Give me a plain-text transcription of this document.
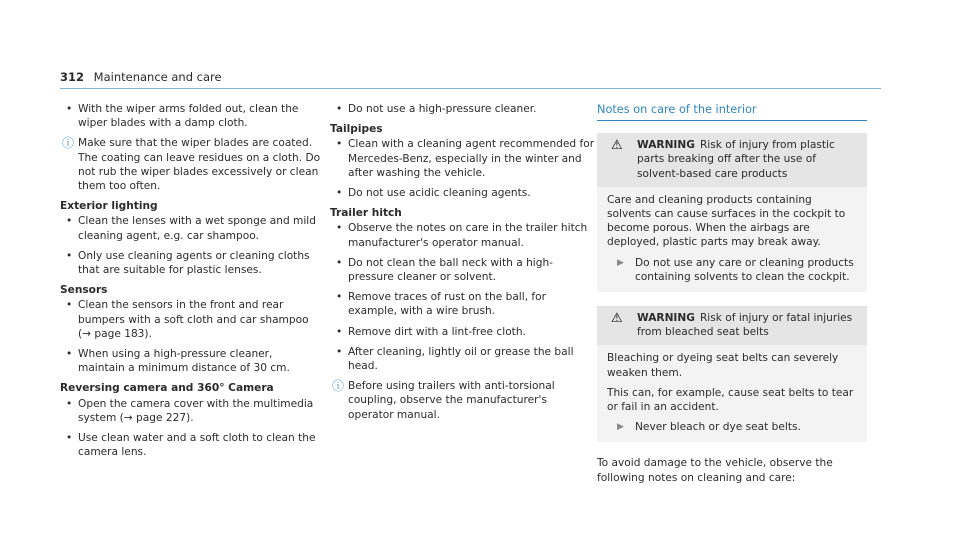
312 Maintenance and care
• With the wiper arms folded out, clean the wiper blades with a damp cloth.
ⓘ Make sure that the wiper blades are coated. The coating can leave residues on a cloth. Do not rub the wiper blades excessively or clean them too often.
Exterior lighting
• Clean the lenses with a wet sponge and mild cleaning agent, e.g. car shampoo.
• Only use cleaning agents or cleaning cloths that are suitable for plastic lenses.
Sensors
• Clean the sensors in the front and rear bumpers with a soft cloth and car shampoo (→ page 183).
• When using a high-pressure cleaner, maintain a minimum distance of 30 cm.
Reversing camera and 360° Camera
• Open the camera cover with the multimedia system (→ page 227).
• Use clean water and a soft cloth to clean the camera lens.
• Do not use a high-pressure cleaner.
Tailpipes
• Clean with a cleaning agent recommended for Mercedes-Benz, especially in the winter and after washing the vehicle.
• Do not use acidic cleaning agents.
Trailer hitch
• Observe the notes on care in the trailer hitch manufacturer's operator manual.
• Do not clean the ball neck with a high-pressure cleaner or solvent.
• Remove traces of rust on the ball, for example, with a wire brush.
• Remove dirt with a lint-free cloth.
• After cleaning, lightly oil or grease the ball head.
ⓘ Before using trailers with anti-torsional coupling, observe the manufacturer's operator manual.
Notes on care of the interior
⚠ WARNING Risk of injury from plastic parts breaking off after the use of solvent-based care products

Care and cleaning products containing solvents can cause surfaces in the cockpit to become porous. When the airbags are deployed, plastic parts may break away.

▶ Do not use any care or cleaning products containing solvents to clean the cockpit.
⚠ WARNING Risk of injury or fatal injuries from bleached seat belts

Bleaching or dyeing seat belts can severely weaken them.

This can, for example, cause seat belts to tear or fail in an accident.

▶ Never bleach or dye seat belts.
To avoid damage to the vehicle, observe the following notes on cleaning and care:
